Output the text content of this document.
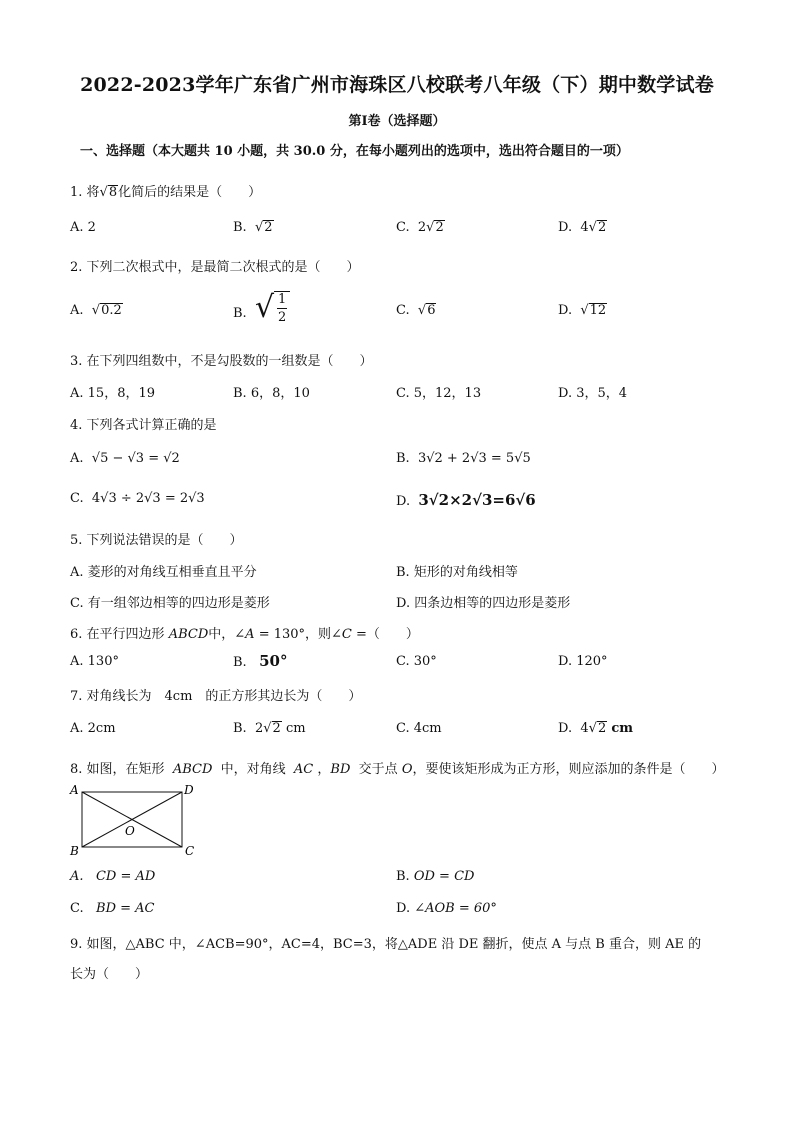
2022-2023学年广东省广州市海珠区八校联考八年级（下）期中数学试卷
第Ⅰ卷（选择题）
一、选择题（本大题共 10 小题，共 30.0 分，在每小题列出的选项中，选出符合题目的一项）
1. 将 √ 8 化简后的结果是（　　）
A. 2	B. √ 2	C. 2 √ 2	D. 4 √ 2
2. 下列二次根式中，是最简二次根式的是（　　）
A. √ 0.2	B. √ $\frac{1}{2}$	C. √ 6	D. √ 12
3. 在下列四组数中，不是勾股数的一组数是（　　）
A. 15，8，19	B. 6，8，10	C. 5，12，13	D. 3，5，4
4. 下列各式计算正确的是
A. √5 − √3 = √2	B. 3√2 + 2√3 = 5√5
C. 4√3 ÷ 2√3 = 2√3	D. 3√2×2√3=6√6
5. 下列说法错误的是（　　）
A. 菱形的对角线互相垂直且平分	B. 矩形的对角线相等
C. 有一组邻边相等的四边形是菱形	D. 四条边相等的四边形是菱形
6. 在平行四边形 ABCD中，∠A = 130°，则∠C =（　　）
A. 130°	B. 50°	C. 30°	D. 120°
7. 对角线长为　4cm　的正方形其边长为（　　）
A. 2cm	B. 2 √ 2 cm	C. 4cm	D. 4 √ 2 cm
8. 如图，在矩形 ABCD 中，对角线 AC ，BD 交于点 O，要使该矩形成为正方形，则应添加的条件是（　　）
A	D
B	C
O
A. CD = AD	B. OD = CD
C. BD = AC	D. ∠AOB = 60°
9. 如图，△ABC 中，∠ACB=90°，AC=4，BC=3，将△ADE 沿 DE 翻折，使点 A 与点 B 重合，则 AE 的
长为（　　）
